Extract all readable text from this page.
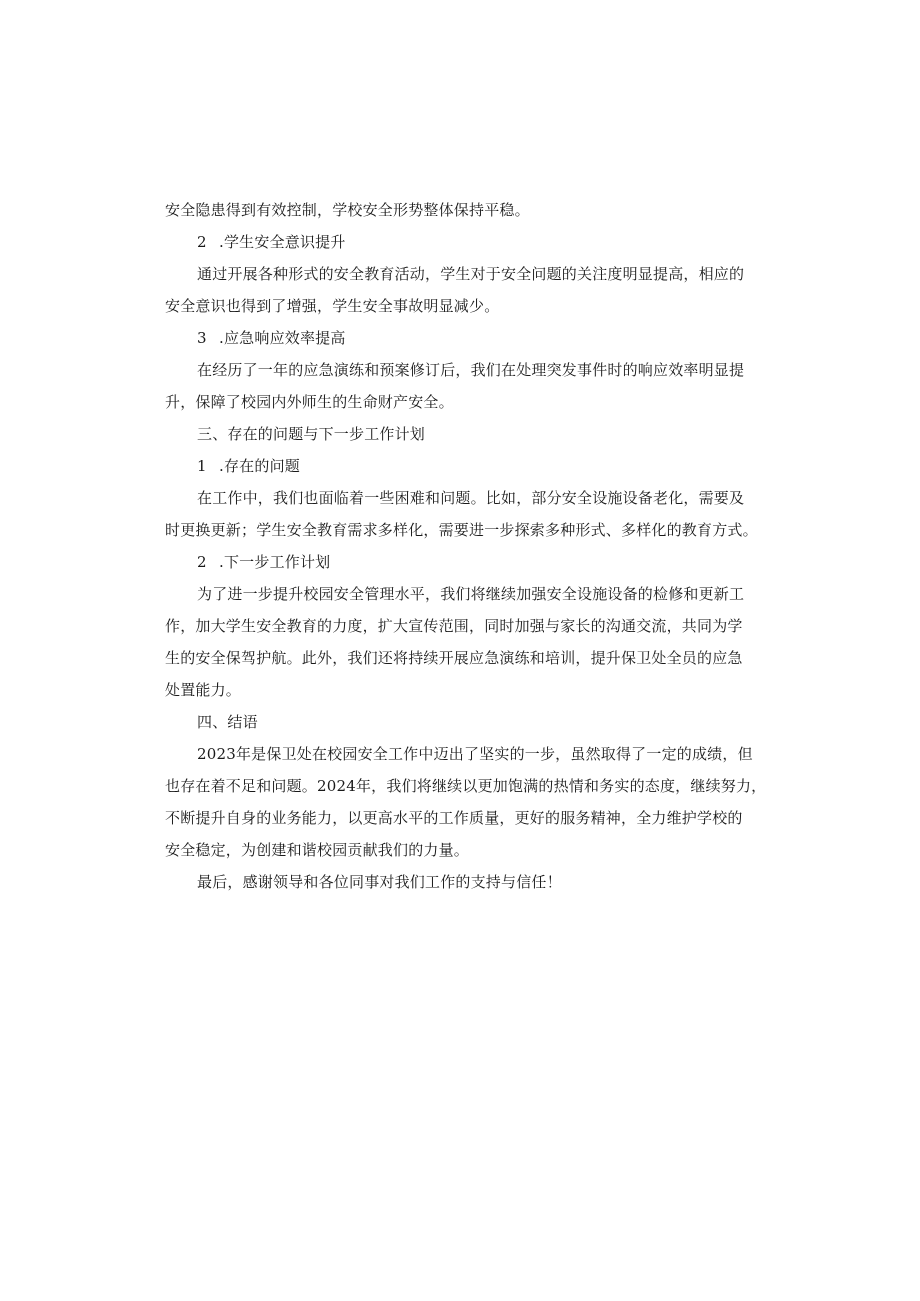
安全隐患得到有效控制，学校安全形势整体保持平稳。
2 .学生安全意识提升
通过开展各种形式的安全教育活动，学生对于安全问题的关注度明显提高，相应的
安全意识也得到了增强，学生安全事故明显减少。
3 .应急响应效率提高
在经历了一年的应急演练和预案修订后，我们在处理突发事件时的响应效率明显提
升，保障了校园内外师生的生命财产安全。
三、存在的问题与下一步工作计划
1 .存在的问题
在工作中，我们也面临着一些困难和问题。比如，部分安全设施设备老化，需要及
时更换更新；学生安全教育需求多样化，需要进一步探索多种形式、多样化的教育方式。
2 .下一步工作计划
为了进一步提升校园安全管理水平，我们将继续加强安全设施设备的检修和更新工
作，加大学生安全教育的力度，扩大宣传范围，同时加强与家长的沟通交流，共同为学
生的安全保驾护航。此外，我们还将持续开展应急演练和培训，提升保卫处全员的应急
处置能力。
四、结语
2023年是保卫处在校园安全工作中迈出了坚实的一步，虽然取得了一定的成绩，但
也存在着不足和问题。2024年，我们将继续以更加饱满的热情和务实的态度，继续努力，
不断提升自身的业务能力，以更高水平的工作质量，更好的服务精神，全力维护学校的
安全稳定，为创建和谐校园贡献我们的力量。
最后，感谢领导和各位同事对我们工作的支持与信任！
